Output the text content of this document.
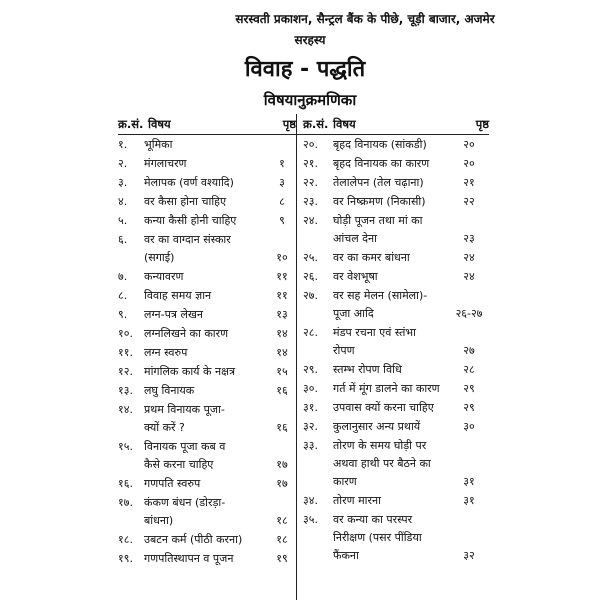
सरस्वती प्रकाशन, सैन्ट्रल बैंक के पीछे, चूड़ी बाजार, अजमेर
सरहस्य
विवाह - पद्धति
विषयानुक्रमणिका
क्र.सं. विषय	पृष्ठ
१.	भूमिका
२.	मंगलाचरण	१
३.	मेलापक (वर्ण वश्यादि)	३
४.	वर कैसा होना चाहिए	८
५.	कन्या कैसी होनी चाहिए	९
६.	वर का वाग्दान संस्कार
(सगाई)	१०
७.	कन्यावरण	११
८.	विवाह समय ज्ञान	११
९.	लग्न-पत्र लेखन	१३
१०.	लग्नलिखने का कारण	१४
११.	लग्न स्वरुप	१४
१२.	मांगलिक कार्य के नक्षत्र	१५
१३.	लघु विनायक	१६
१४.	प्रथम विनायक पूजा-
क्यों करें ?	१६
१५.	विनायक पूजा कब व
कैसे करना चाहिए	१७
१६.	गणपति स्वरुप	१७
१७.	कंकण बंधन (डोरड़ा-
बांधना)	१८
१८.	उबटन कर्म (पीठी करना)	१८
१९.	गणपतिस्थापन व पूजन	१९
क्र.सं. विषय	पृष्ठ
२०.	बृहद विनायक (सांकडी)	२०
२१.	बृहद विनायक का कारण	२०
२२.	तेलालेपन (तेल चढ़ाना)	२१
२३.	वर निष्क्रमण (निकासी)	२२
२४.	घोड़ी पूजन तथा मां का
आंचल देना	२३
२५.	वर का कमर बांधना	२४
२६.	वर वेशभूषा	२४
२७.	वर सह मेलन (सामेला)-
पूजा आदि	२६-२७
२८.	मंडप रचना एवं स्तंभा
रोपण	२७
२९.	स्तम्भ रोपण विधि	२८
३०.	गर्त में मूंग डालने का कारण	२९
३१.	उपवास क्यों करना चाहिए	२९
३२.	कुलानुसार अन्य प्रथायें	३०
३३.	तोरण के समय घोड़ी पर
अथवा हाथी पर बैठने का
कारण	३१
३४.	तोरण मारना	३१
३५.	वर कन्या का परस्पर
निरीक्षण (पसर पींडिया
फैंकना	३२
